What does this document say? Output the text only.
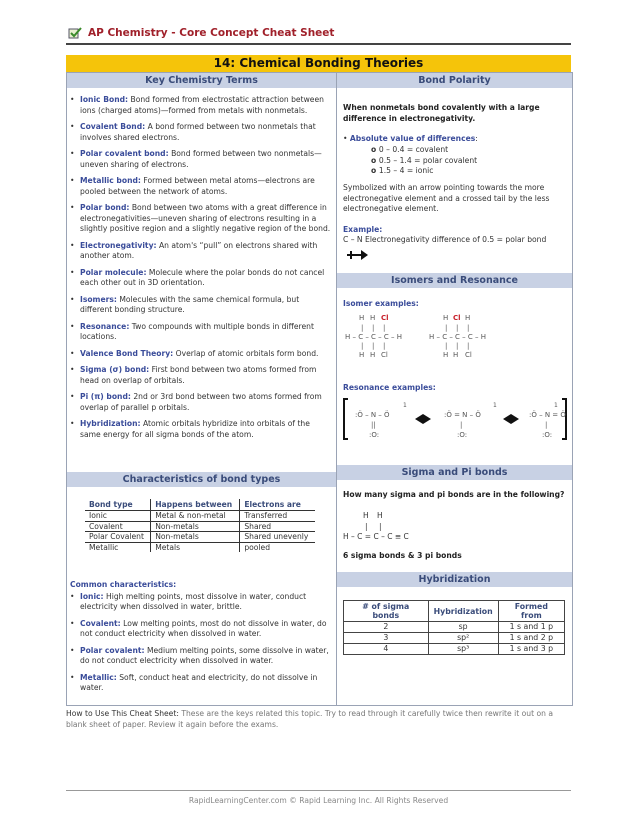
AP Chemistry - Core Concept Cheat Sheet
14: Chemical Bonding Theories
Key Chemistry Terms
• Ionic Bond: Bond formed from electrostatic attraction between ions (charged atoms)—formed from metals with nonmetals.
• Covalent Bond: A bond formed between two nonmetals that involves shared electrons.
• Polar covalent bond: Bond formed between two nonmetals—uneven sharing of electrons.
• Metallic bond: Formed between metal atoms—electrons are pooled between the network of atoms.
• Polar bond: Bond between two atoms with a great difference in electronegativities—uneven sharing of electrons resulting in a slightly positive region and a slightly negative region of the bond.
• Electronegativity: An atom's “pull” on electrons shared with another atom.
• Polar molecule: Molecule where the polar bonds do not cancel each other out in 3D orientation.
• Isomers: Molecules with the same chemical formula, but different bonding structure.
• Resonance: Two compounds with multiple bonds in different locations.
• Valence Bond Theory: Overlap of atomic orbitals form bond.
• Sigma (σ) bond: First bond between two atoms formed from head on overlap of orbitals.
• Pi (π) bond: 2nd or 3rd bond between two atoms formed from overlap of parallel p orbitals.
• Hybridization: Atomic orbitals hybridize into orbitals of the same energy for all sigma bonds of the atom.
Characteristics of bond types
Bond type	Happens between	Electrons are
Ionic	Metal & non-metal	Transferred
Covalent	Non-metals	Shared
Polar Covalent	Non-metals	Shared unevenly
Metallic	Metals	pooled
Common characteristics:
• Ionic: High melting points, most dissolve in water, conduct electricity when dissolved in water, brittle.
• Covalent: Low melting points, most do not dissolve in water, do not conduct electricity when dissolved in water.
• Polar covalent: Medium melting points, some dissolve in water, do not conduct electricity when dissolved in water.
• Metallic: Soft, conduct heat and electricity, do not dissolve in water.
Bond Polarity
When nonmetals bond covalently with a large difference in electronegativity.
• Absolute value of differences:
o 0 – 0.4 = covalent
o 0.5 – 1.4 = polar covalent
o 1.5 – 4 = ionic
Symbolized with an arrow pointing towards the more electronegative element and a crossed tail by the less electronegative element.
Example:
C – N Electronegativity difference of 0.5 = polar bond
Isomers and Resonance
Isomer examples:
H H Cl
| | |
H – C – C – C – H
| | |
H H Cl
H Cl H
| | |
H – C – C – C – H
| | |
H H Cl
Resonance examples:
:Ö – N – Ö
1
||
:O:
:Ö = N – Ö
1
|
:O:
:Ö – N = Ö
1
|
:O:
Sigma and Pi bonds
How many sigma and pi bonds are in the following?
H H
| |
H – C = C – C ≡ C
6 sigma bonds & 3 pi bonds
Hybridization
# of sigma bonds	Hybridization	Formed from
2	sp	1 s and 1 p
3	sp²	1 s and 2 p
4	sp³	1 s and 3 p
How to Use This Cheat Sheet: These are the keys related this topic. Try to read through it carefully twice then rewrite it out on a blank sheet of paper. Review it again before the exams.
RapidLearningCenter.com © Rapid Learning Inc. All Rights Reserved
